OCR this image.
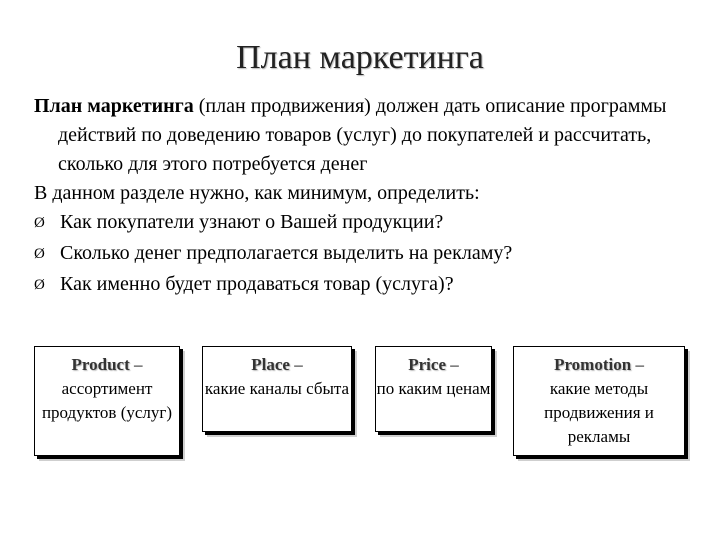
План маркетинга

План маркетинга (план продвижения) должен дать описание программы действий по доведению товаров (услуг) до покупателей и рассчитать, сколько для этого потребуется денег

В данном разделе нужно, как минимум, определить:

Ø Как покупатели узнают о Вашей продукции?

Ø Сколько денег предполагается выделить на рекламу?

Ø Как именно будет продаваться товар (услуга)?

Product –
ассортимент продуктов (услуг)
Place –
какие каналы сбыта
Price –
по каким ценам
Promotion –
какие методы продвижения и рекламы
